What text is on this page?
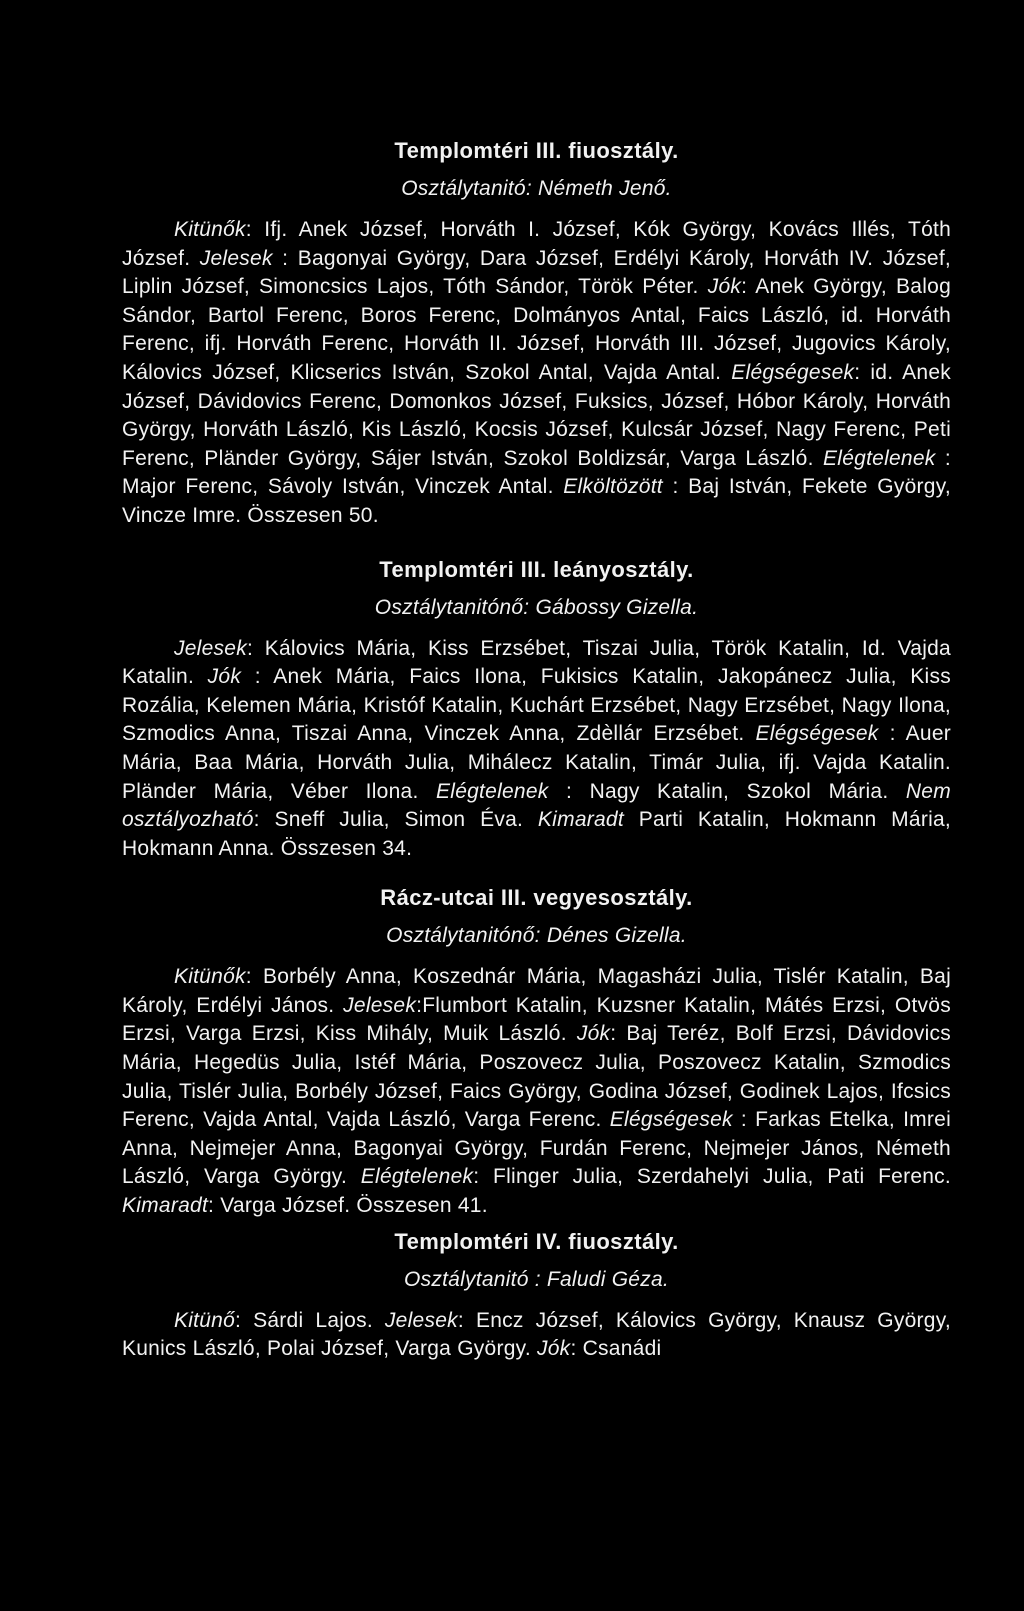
Templomtéri III. fiuosztály.
Osztálytanitó: Németh Jenő.

Kitünők: Ifj. Anek József, Horváth I. József, Kók György, Kovács Illés, Tóth József. Jelesek : Bagonyai György, Dara József, Erdélyi Károly, Horváth IV. József, Liplin József, Simoncsics Lajos, Tóth Sándor, Török Péter. Jók: Anek György, Balog Sándor, Bartol Ferenc, Boros Ferenc, Dolmányos Antal, Faics László, id. Horváth Ferenc, ifj. Horváth Ferenc, Horváth II. József, Horváth III. József, Jugovics Károly, Kálovics József, Klicserics István, Szokol Antal, Vajda Antal. Elégségesek: id. Anek József, Dávidovics Ferenc, Domonkos József, Fuksics, József, Hóbor Károly, Horváth György, Horváth László, Kis László, Kocsis József, Kulcsár József, Nagy Ferenc, Peti Ferenc, Pländer György, Sájer István, Szokol Boldizsár, Varga László. Elégtelenek : Major Ferenc, Sávoly István, Vinczek Antal. Elköltözött : Baj István, Fekete György, Vincze Imre. Összesen 50.

Templomtéri III. leányosztály.
Osztálytanitónő: Gábossy Gizella.

Jelesek: Kálovics Mária, Kiss Erzsébet, Tiszai Julia, Török Katalin, Id. Vajda Katalin. Jók : Anek Mária, Faics Ilona, Fukisics Katalin, Jakopánecz Julia, Kiss Rozália, Kelemen Mária, Kristóf Katalin, Kuchárt Erzsébet, Nagy Erzsébet, Nagy Ilona, Szmodics Anna, Tiszai Anna, Vinczek Anna, Zdèllár Erzsébet. Elégségesek : Auer Mária, Baa Mária, Horváth Julia, Mihálecz Katalin, Timár Julia, ifj. Vajda Katalin. Pländer Mária, Véber Ilona. Elégtelenek : Nagy Katalin, Szokol Mária. Nem osztályozható: Sneff Julia, Simon Éva. Kimaradt Parti Katalin, Hokmann Mária, Hokmann Anna. Összesen 34.

Rácz-utcai III. vegyesosztály.
Osztálytanitónő: Dénes Gizella.

Kitünők: Borbély Anna, Koszednár Mária, Magasházi Julia, Tislér Katalin, Baj Károly, Erdélyi János. Jelesek:Flumbort Katalin, Kuzsner Katalin, Mátés Erzsi, Otvös Erzsi, Varga Erzsi, Kiss Mihály, Muik László. Jók: Baj Teréz, Bolf Erzsi, Dávidovics Mária, Hegedüs Julia, Istéf Mária, Poszovecz Julia, Poszovecz Katalin, Szmodics Julia, Tislér Julia, Borbély József, Faics György, Godina József, Godinek Lajos, Ifcsics Ferenc, Vajda Antal, Vajda László, Varga Ferenc. Elégségesek : Farkas Etelka, Imrei Anna, Nejmejer Anna, Bagonyai György, Furdán Ferenc, Nejmejer János, Németh László, Varga György. Elégtelenek: Flinger Julia, Szerdahelyi Julia, Pati Ferenc. Kimaradt: Varga József. Összesen 41.

Templomtéri IV. fiuosztály.
Osztálytanitó : Faludi Géza.

Kitünő: Sárdi Lajos. Jelesek: Encz József, Kálovics György, Knausz György, Kunics László, Polai József, Varga György. Jók: Csanádi
